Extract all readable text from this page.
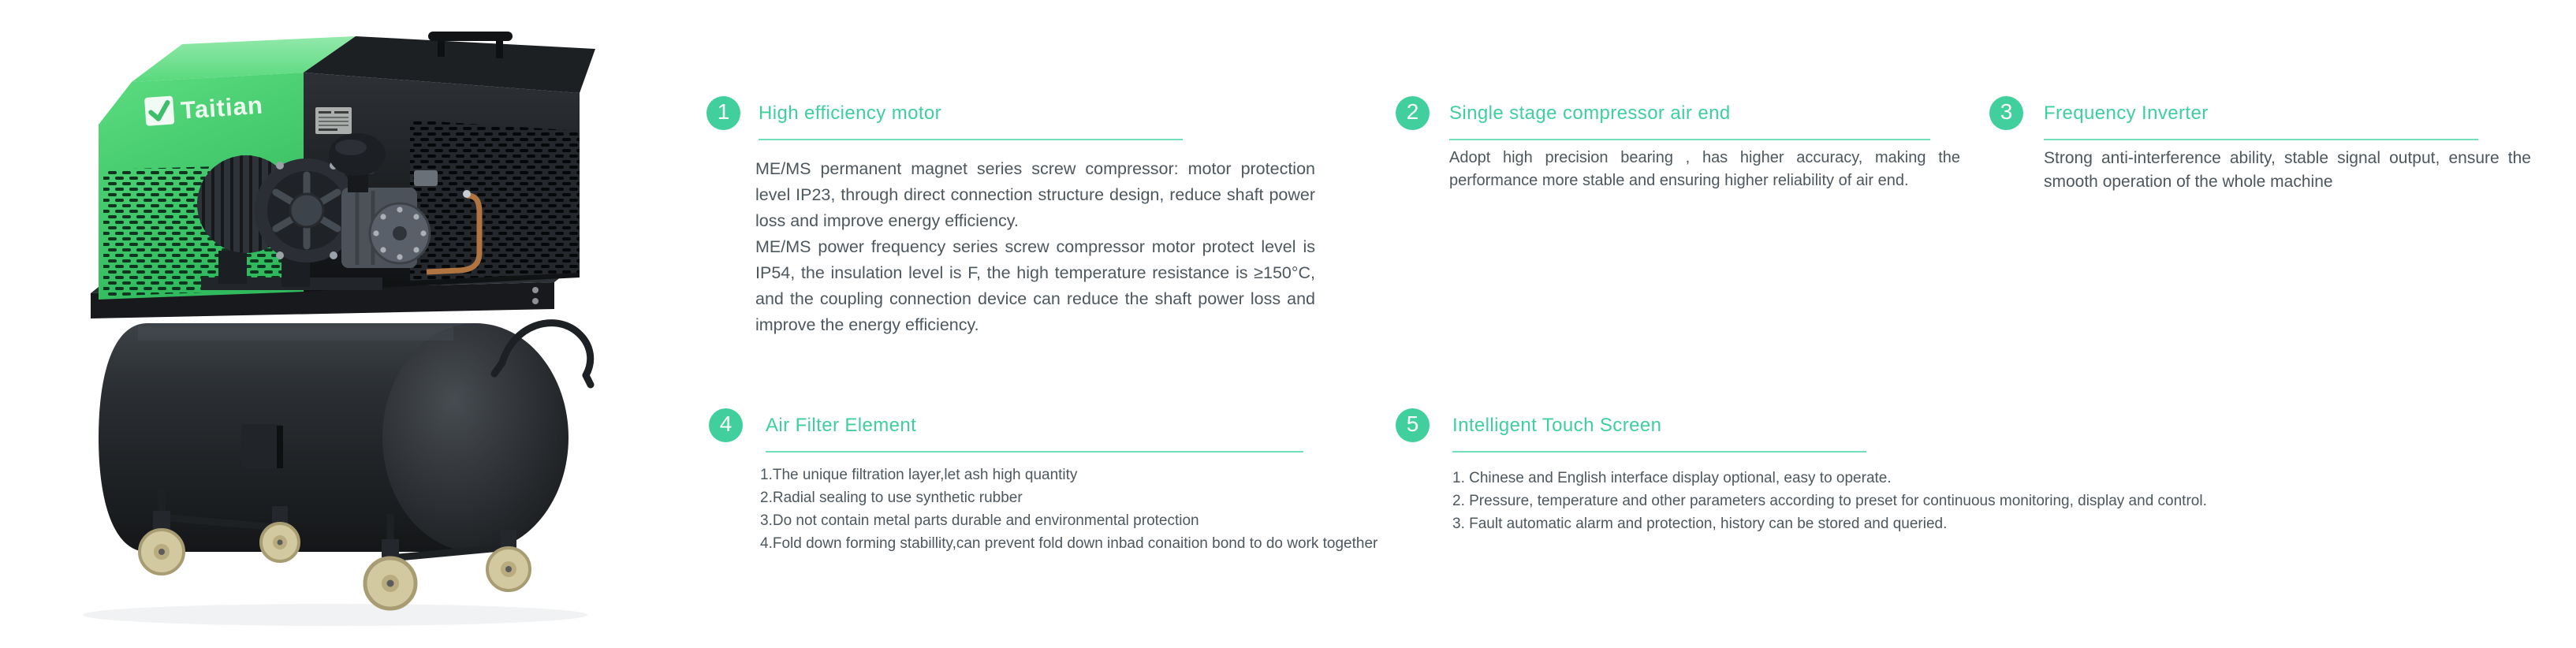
Taitian	1 High efficiency motor

ME/MS permanent magnet series screw compressor: motor protection level IP23, through direct connection structure design, reduce shaft power loss and improve energy efficiency.

ME/MS power frequency series screw compressor motor protect level is IP54, the insulation level is F, the high temperature resistance is ≥150°C, and the coupling connection device can reduce the shaft power loss and improve the energy efficiency.

2 Single stage compressor air end

Adopt high precision bearing , has higher accuracy, making the performance more stable and ensuring higher reliability of air end.

3 Frequency Inverter

Strong anti-interference ability, stable signal output, ensure the smooth operation of the whole machine

4 Air Filter Element
1.The unique filtration layer,let ash high quantity
2.Radial sealing to use synthetic rubber
3.Do not contain metal parts durable and environmental protection
4.Fold down forming stabillity,can prevent fold down inbad conaition bond to do work together
5 Intelligent Touch Screen
1. Chinese and English interface display optional, easy to operate.
2. Pressure, temperature and other parameters according to preset for continuous monitoring, display and control.
3. Fault automatic alarm and protection, history can be stored and queried.
